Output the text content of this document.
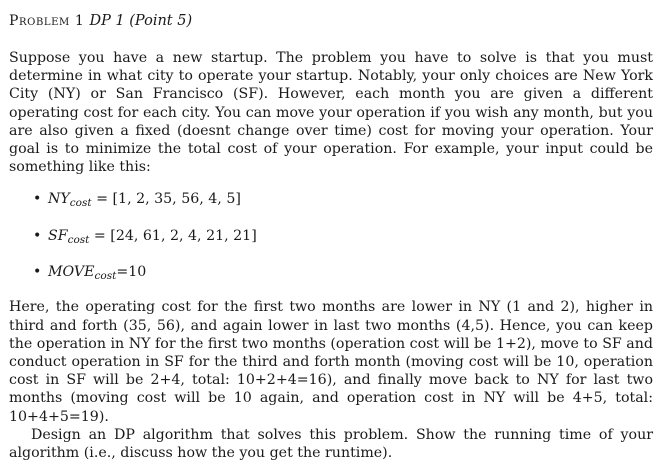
Problem 1 DP 1 (Point 5)

Suppose you have a new startup. The problem you have to solve is that you must determine in what city to operate your startup. Notably, your only choices are New York City (NY) or San Francisco (SF). However, each month you are given a different operating cost for each city. You can move your operation if you wish any month, but you are also given a fixed (doesnt change over time) cost for moving your operation. Your goal is to minimize the total cost of your operation. For example, your input could be something like this:

• $NY_{cost} = [1$, 2, 35, 56, 4, 5]
• $SF_{cost} = [24$, 61, 2, 4, 21, 21]
• $MOVE_{cost}=10$

Here, the operating cost for the first two months are lower in NY (1 and 2), higher in third and forth (35, 56), and again lower in last two months (4,5). Hence, you can keep the operation in NY for the first two months (operation cost will be 1+2), move to SF and conduct operation in SF for the third and forth month (moving cost will be 10, operation cost in SF will be 2+4, total: 10+2+4=16), and finally move back to NY for last two months (moving cost will be 10 again, and operation cost in NY will be 4+5, total: 10+4+5=19).

Design an DP algorithm that solves this problem. Show the running time of your algorithm (i.e., discuss how the you get the runtime).
